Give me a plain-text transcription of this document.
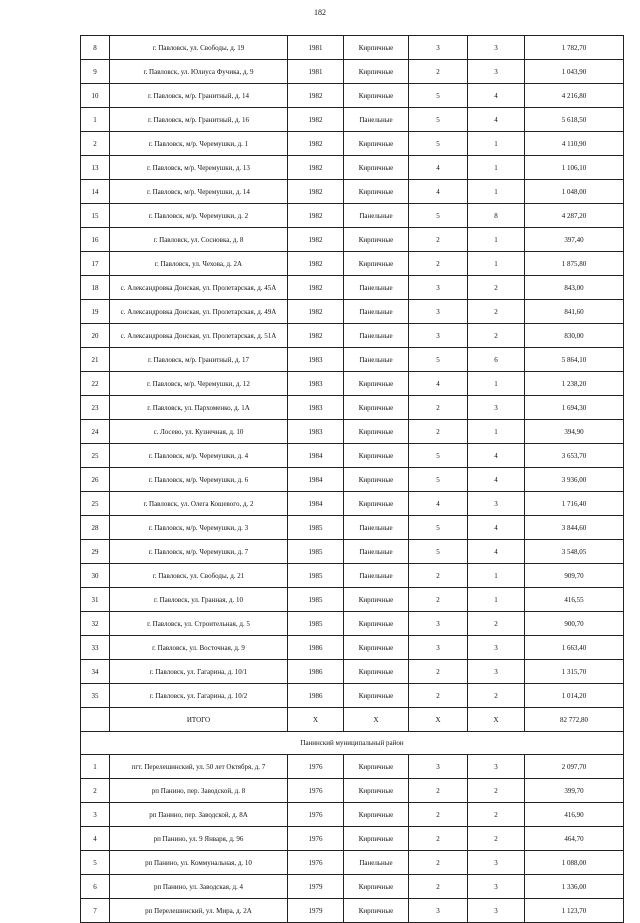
182
8	г. Павловск, ул. Свободы, д. 19	1981	Кирпичные	3	3	1 782,70
9	г. Павловск, ул. Юлиуса Фучика, д. 9	1981	Кирпичные	2	3	1 043,90
10	г. Павловск, м/р. Гранитный, д. 14	1982	Кирпичные	5	4	4 216,80
1	г. Павловск, м/р. Гранитный, д. 16	1982	Панельные	5	4	5 618,50
2	г. Павловск, м/р. Черемушки, д. 1	1982	Кирпичные	5	1	4 110,90
13	г. Павловск, м/р. Черемушки, д. 13	1982	Кирпичные	4	1	1 106,10
14	г. Павловск, м/р. Черемушки, д. 14	1982	Кирпичные	4	1	1 048,00
15	г. Павловск, м/р. Черемушки, д. 2	1982	Панельные	5	8	4 287,20
16	г. Павловск, ул. Сосновка, д. 8	1982	Кирпичные	2	1	397,40
17	г. Павловск, ул. Чехова, д. 2А	1982	Кирпичные	2	1	1 875,80
18	с. Александровка Донская, ул. Пролетарская, д. 45А	1982	Панельные	3	2	843,00
19	с. Александровка Донская, ул. Пролетарская, д. 49А	1982	Панельные	3	2	841,60
20	с. Александровка Донская, ул. Пролетарская, д. 51А	1982	Панельные	3	2	830,00
21	г. Павловск, м/р. Гранитный, д. 17	1983	Панельные	5	6	5 864,10
22	г. Павловск, м/р. Черемушки, д. 12	1983	Кирпичные	4	1	1 238,20
23	г. Павловск, ул. Пархоменко, д. 1А	1983	Кирпичные	2	3	1 694,30
24	с. Лосево, ул. Кузнечная, д. 10	1983	Кирпичные	2	1	394,90
25	г. Павловск, м/р. Черемушки, д. 4	1984	Кирпичные	5	4	3 653,70
26	г. Павловск, м/р. Черемушки, д. 6	1984	Кирпичные	5	4	3 936,00
25	г. Павловск, ул. Олега Кошевого, д. 2	1984	Кирпичные	4	3	1 716,40
28	г. Павловск, м/р. Черемушки, д. 3	1985	Панельные	5	4	3 844,60
29	г. Павловск, м/р. Черемушки, д. 7	1985	Панельные	5	4	3 548,05
30	г. Павловск, ул. Свободы, д. 21	1985	Панельные	2	1	909,70
31	г. Павловск, ул. Гранная, д. 10	1985	Кирпичные	2	1	416,55
32	г. Павловск, ул. Строительная, д. 5	1985	Кирпичные	3	2	900,70
33	г. Павловск, ул. Восточная, д. 9	1986	Кирпичные	3	3	1 663,40
34	г. Павловск, ул. Гагарина, д. 10/1	1986	Кирпичные	2	3	1 315,70
35	г. Павловск, ул. Гагарина, д. 10/2	1986	Кирпичные	2	2	1 014,20
	ИТОГО	Х	Х	Х	Х	82 772,80
Панинский муниципальный район						
1	пгт. Перелешинский, ул. 50 лет Октября, д. 7	1976	Кирпичные	3	3	2 097,70
2	рп Панино, пер. Заводской, д. 8	1976	Кирпичные	2	2	399,70
3	рп Панино, пер. Заводской, д. 8А	1976	Кирпичные	2	2	416,90
4	рп Панино, ул. 9 Января, д. 96	1976	Кирпичные	2	2	464,70
5	рп Панино, ул. Коммунальная, д. 10	1976	Панельные	2	3	1 088,00
6	рп Панино, ул. Заводская, д. 4	1979	Кирпичные	2	3	1 336,00
7	рп Перелешинский, ул. Мира, д. 2А	1979	Кирпичные	3	3	1 123,70
